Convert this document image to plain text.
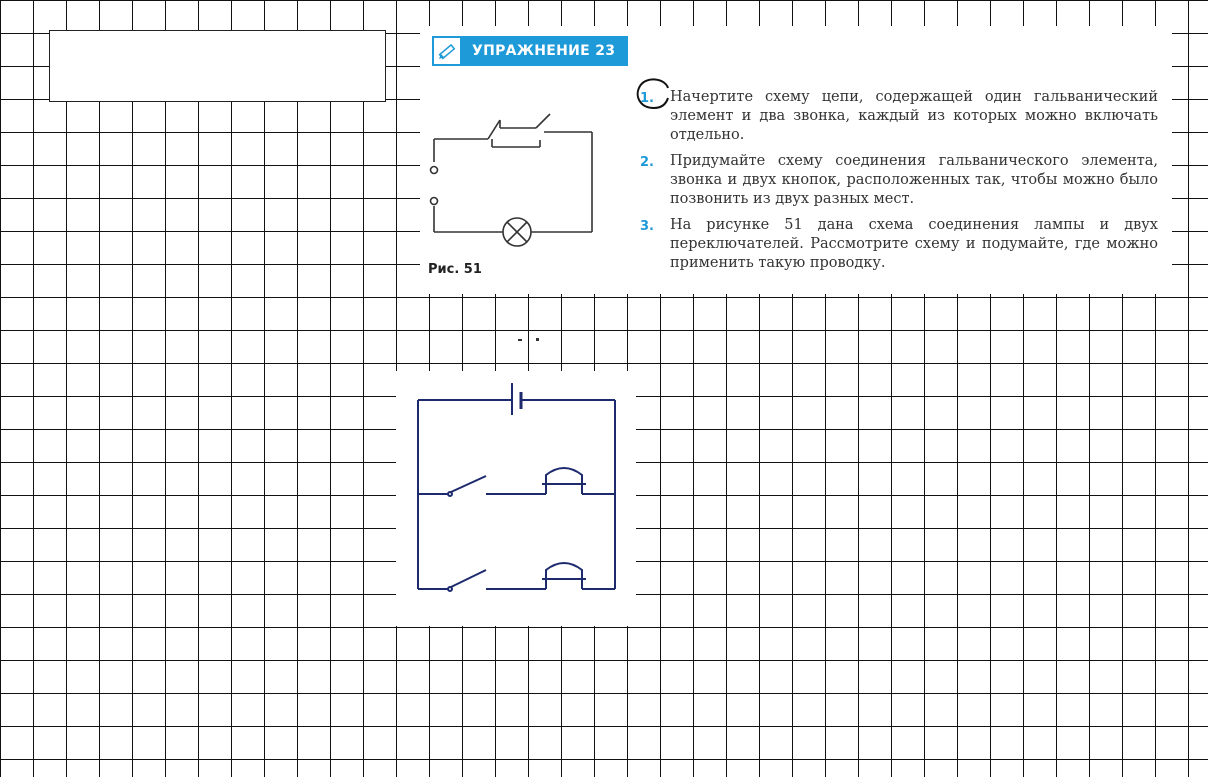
УПРАЖНЕНИЕ 23
Рис. 51
1.	Начертите схему цепи, содержащей один гальванический элемент и два звонка, каждый из которых можно включать отдельно.
2.	Придумайте схему соединения гальванического элемента, звонка и двух кнопок, расположенных так, чтобы можно было позвонить из двух разных мест.
3.	На рисунке 51 дана схема соединения лампы и двух переключателей. Рассмотрите схему и подумайте, где можно применить такую проводку.
